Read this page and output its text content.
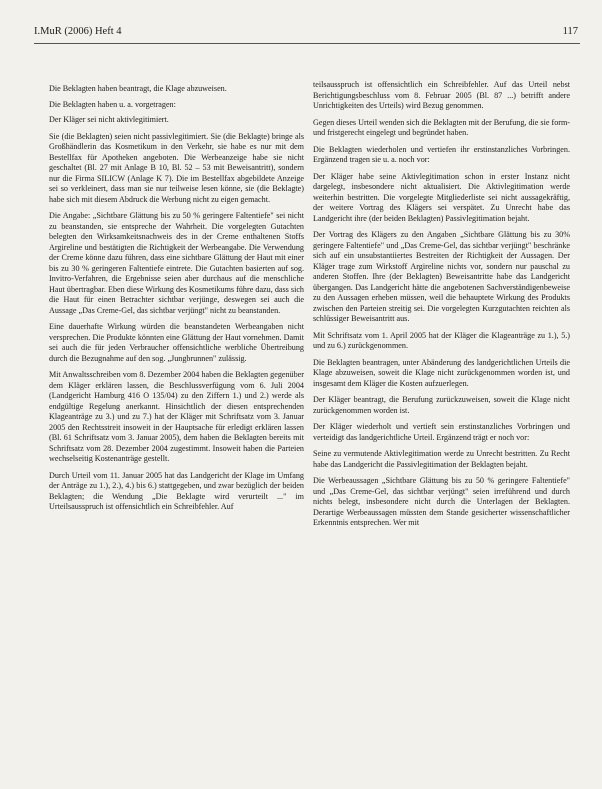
I.MuR (2006) Heft 4	117

Die Beklagten haben beantragt, die Klage abzuweisen.

Die Beklagten haben u. a. vorgetragen:

Der Kläger sei nicht aktivlegitimiert.

Sie (die Beklagten) seien nicht passivlegitimiert. Sie (die Beklagte) bringe als Großhändlerin das Kosmetikum in den Verkehr, sie habe es nur mit dem Bestellfax für Apotheken angeboten. Die Werbeanzeige habe sie nicht geschaltet (Bl. 27 mit Anlage B 10, Bl. 52 – 53 mit Beweisantritt), sondern nur die Firma SILICW (Anlage K 7). Die im Bestellfax abgebildete Anzeige sei so verkleinert, dass man sie nur teilweise lesen könne, sie (die Beklagte) habe sich mit diesem Abdruck die Werbung nicht zu eigen gemacht.

Die Angabe: „Sichtbare Glättung bis zu 50 % geringere Faltentiefe" sei nicht zu beanstanden, sie entspreche der Wahrheit. Die vorgelegten Gutachten belegten den Wirksamkeitsnachweis des in der Creme enthaltenen Stoffs Argireline und bestätigten die Richtigkeit der Werbeangabe. Die Verwendung der Creme könne dazu führen, dass eine sichtbare Glättung der Haut mit einer bis zu 30 % geringeren Faltentiefe eintrete. Die Gutachten basierten auf sog. Invitro-Verfahren, die Ergebnisse seien aber durchaus auf die menschliche Haut übertragbar. Eben diese Wirkung des Kosmetikums führe dazu, dass sich die Haut für einen Betrachter sichtbar verjünge, deswegen sei auch die Aussage „Das Creme-Gel, das sichtbar verjüngt" nicht zu beanstanden.

Eine dauerhafte Wirkung würden die beanstandeten Werbeangaben nicht versprechen. Die Produkte könnten eine Glättung der Haut vornehmen. Damit sei auch die für jeden Verbraucher offensichtliche werbliche Übertreibung durch die Bezugnahme auf den sog. „Jungbrunnen" zulässig.

Mit Anwaltsschreiben vom 8. Dezember 2004 haben die Beklagten gegenüber dem Kläger erklären lassen, die Beschlussverfügung vom 6. Juli 2004 (Landgericht Hamburg 416 O 135/04) zu den Ziffern 1.) und 2.) werde als endgültige Regelung anerkannt. Hinsichtlich der diesen entsprechenden Klageanträge zu 3.) und zu 7.) hat der Kläger mit Schriftsatz vom 3. Januar 2005 den Rechtsstreit insoweit in der Hauptsache für erledigt erklären lassen (Bl. 61 Schriftsatz vom 3. Januar 2005), dem haben die Beklagten bereits mit Schriftsatz vom 28. Dezember 2004 zugestimmt. Insoweit haben die Parteien wechselseitig Kostenanträge gestellt.

Durch Urteil vom 11. Januar 2005 hat das Landgericht der Klage im Umfang der Anträge zu 1.), 2.), 4.) bis 6.) stattgegeben, und zwar bezüglich der beiden Beklagten; die Wendung „Die Beklagte wird verurteilt ..." im Urteilsausspruch ist offensichtlich ein Schreibfehler. Auf

teilsausspruch ist offensichtlich ein Schreibfehler. Auf das Urteil nebst Berichtigungsbeschluss vom 8. Februar 2005 (Bl. 87 ...) betrifft andere Unrichtigkeiten des Urteils) wird Bezug genommen.

Gegen dieses Urteil wenden sich die Beklagten mit der Berufung, die sie form- und fristgerecht eingelegt und begründet haben.

Die Beklagten wiederholen und vertiefen ihr erstinstanzliches Vorbringen. Ergänzend tragen sie u. a. noch vor:

Der Kläger habe seine Aktivlegitimation schon in erster Instanz nicht dargelegt, insbesondere nicht aktualisiert. Die Aktivlegitimation werde weiterhin bestritten. Die vorgelegte Mitgliederliste sei nicht aussagekräftig, der weitere Vortrag des Klägers sei verspätet. Zu Unrecht habe das Landgericht ihre (der beiden Beklagten) Passivlegitimation bejaht.

Der Vortrag des Klägers zu den Angaben „Sichtbare Glättung bis zu 30% geringere Faltentiefe" und „Das Creme-Gel, das sichtbar verjüngt" beschränke sich auf ein unsubstantiiertes Bestreiten der Richtigkeit der Aussagen. Der Kläger trage zum Wirkstoff Argireline nichts vor, sondern nur pauschal zu anderen Stoffen. Ihre (der Beklagten) Beweisantritte habe das Landgericht übergangen. Das Landgericht hätte die angebotenen Sachverständigenbeweise zu den Aussagen erheben müssen, weil die behauptete Wirkung des Produkts zwischen den Parteien streitig sei. Die vorgelegten Kurzgutachten reichten als schlüssiger Beweisantritt aus.

Mit Schriftsatz vom 1. April 2005 hat der Kläger die Klageanträge zu 1.), 5.) und zu 6.) zurückgenommen.

Die Beklagten beantragen, unter Abänderung des landgerichtlichen Urteils die Klage abzuweisen, soweit die Klage nicht zurückgenommen worden ist, und insgesamt dem Kläger die Kosten aufzuerlegen.

Der Kläger beantragt, die Berufung zurückzuweisen, soweit die Klage nicht zurückgenommen worden ist.

Der Kläger wiederholt und vertieft sein erstinstanzliches Vorbringen und verteidigt das landgerichtliche Urteil. Ergänzend trägt er noch vor:

Seine zu vermutende Aktivlegitimation werde zu Unrecht bestritten. Zu Recht habe das Landgericht die Passivlegitimation der Beklagten bejaht.

Die Werbeaussagen „Sichtbare Glättung bis zu 50 % geringere Faltentiefe" und „Das Creme-Gel, das sichtbar verjüngt" seien irreführend und durch nichts belegt, insbesondere nicht durch die Unterlagen der Beklagten. Derartige Werbeaussagen müssten dem Stande gesicherter wissenschaftlicher Erkenntnis entsprechen. Wer mit
